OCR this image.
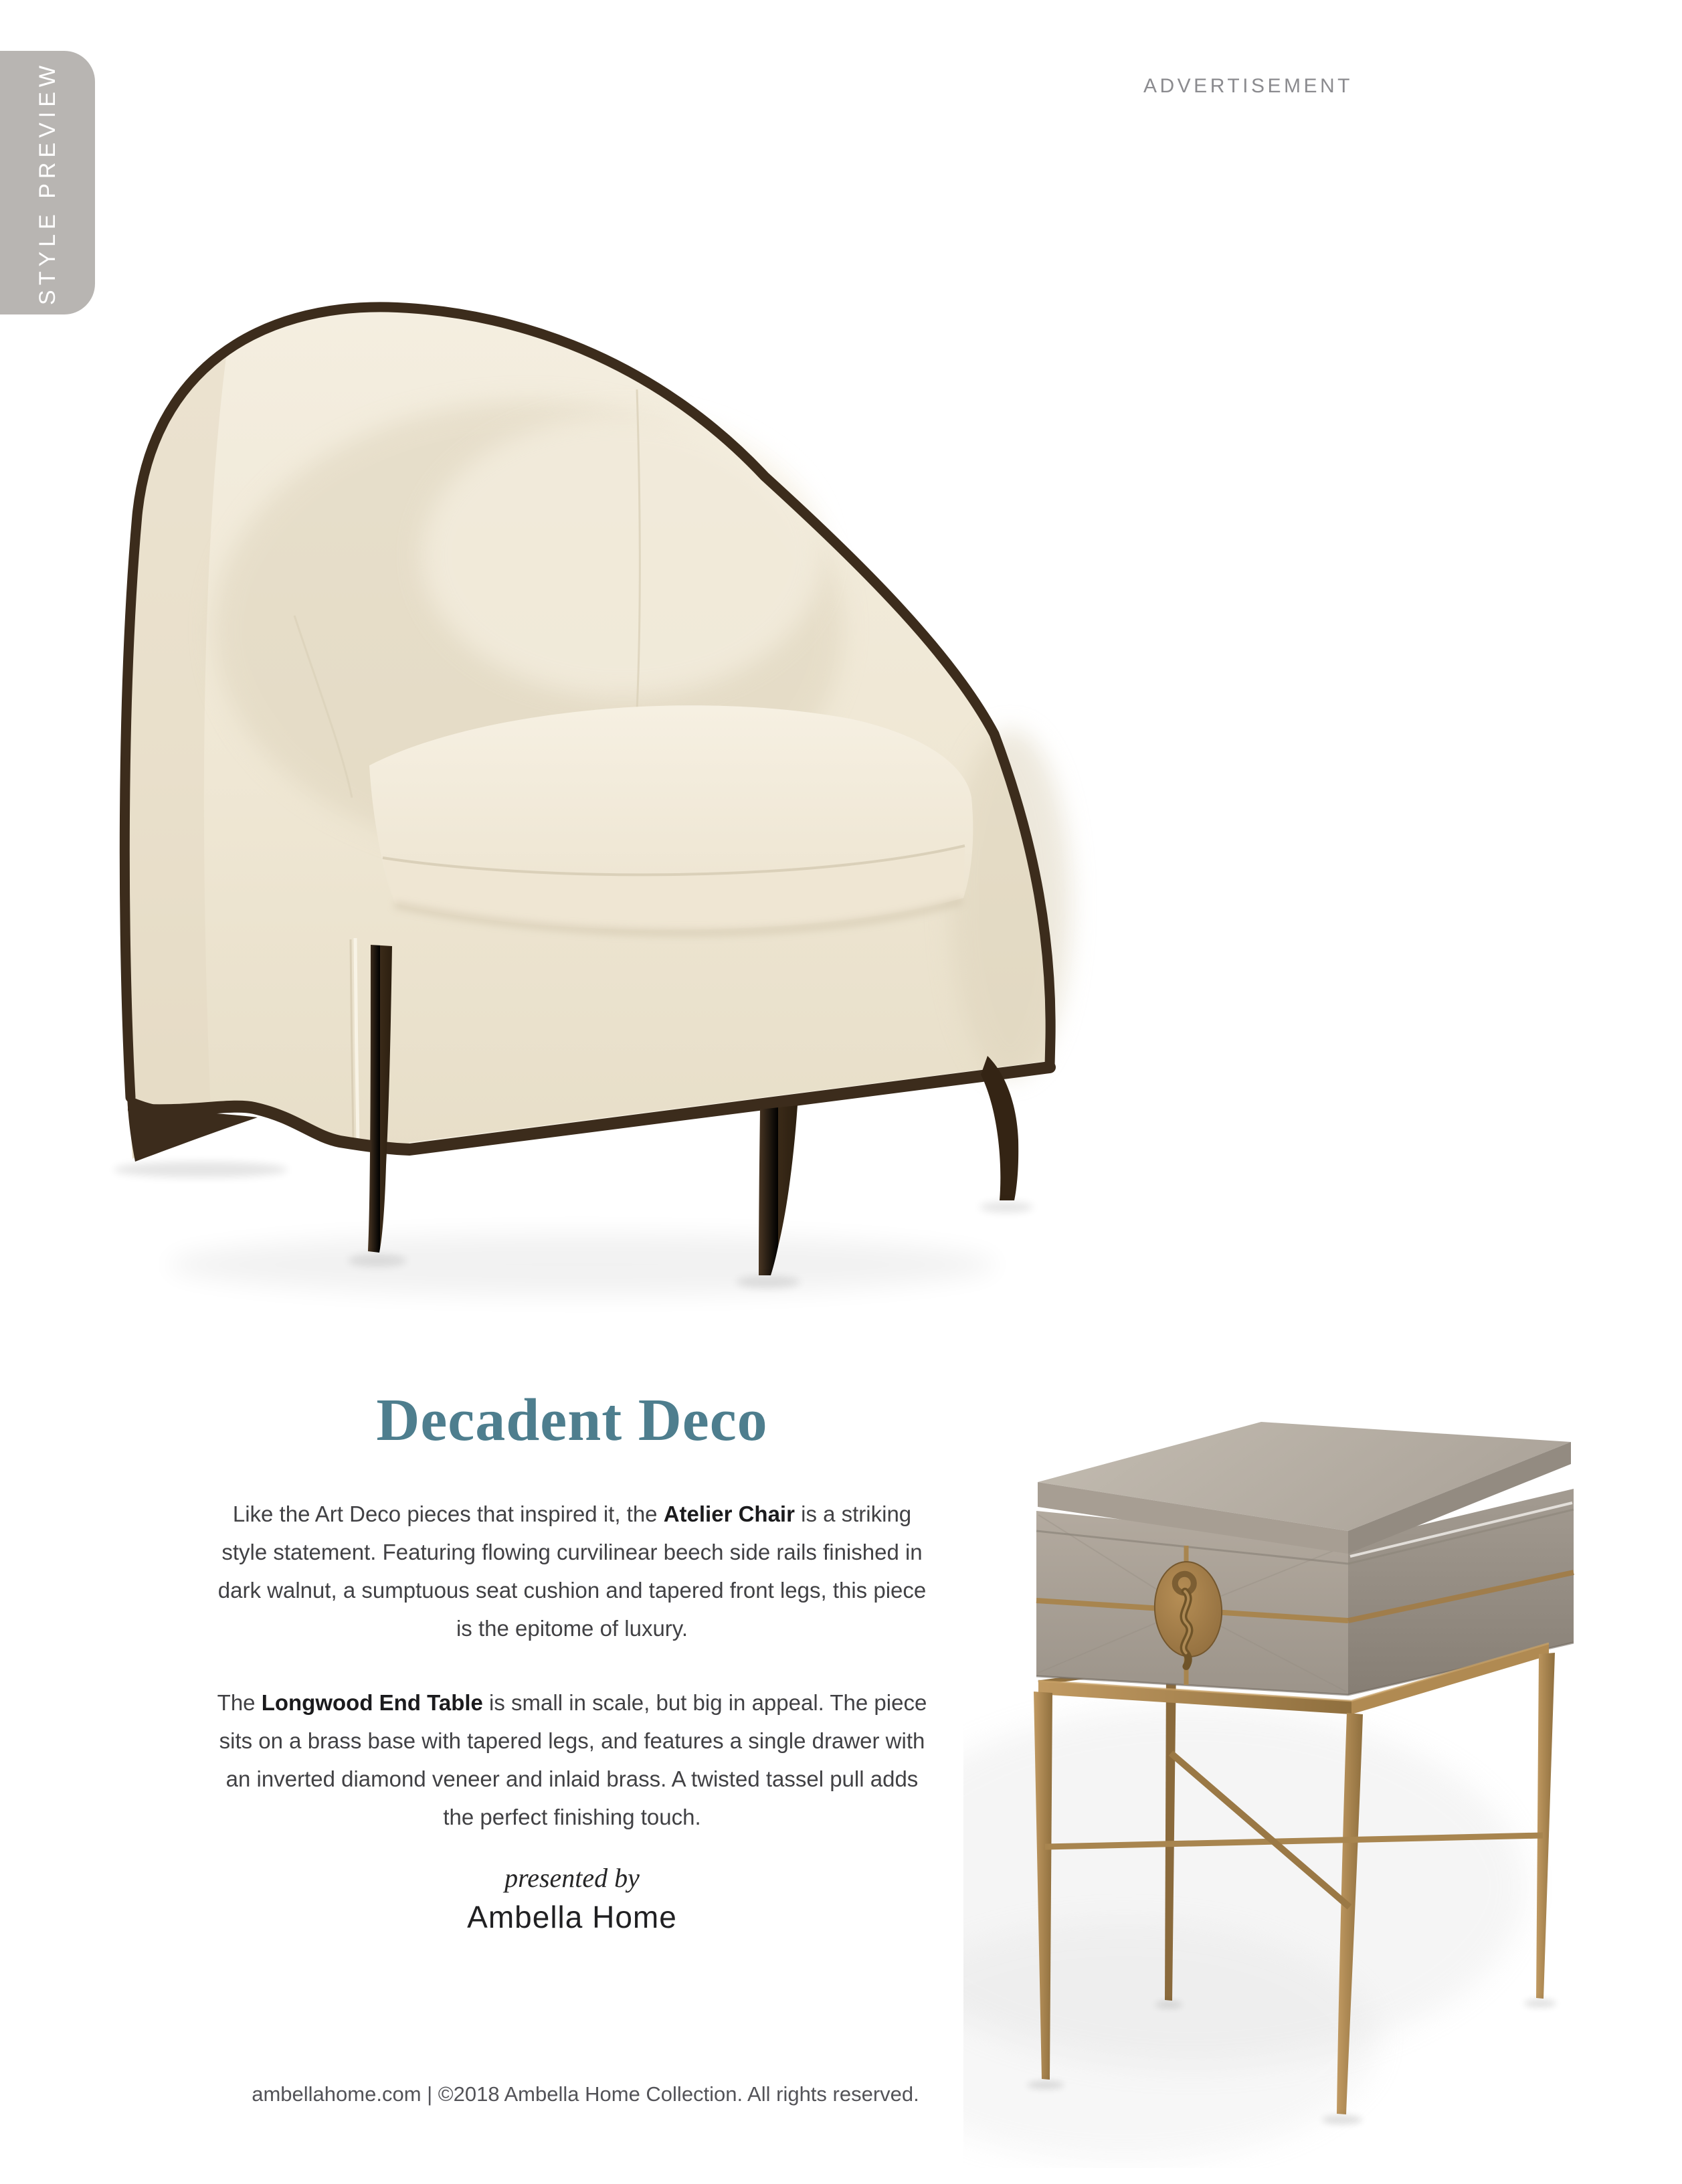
STYLE PREVIEW	ADVERTISEMENT
Decadent Deco

Like the Art Deco pieces that inspired it, the Atelier Chair is a striking style statement. Featuring flowing curvilinear beech side rails finished in dark walnut, a sumptuous seat cushion and tapered front legs, this piece is the epitome of luxury.

The Longwood End Table is small in scale, but big in appeal. The piece sits on a brass base with tapered legs, and features a single drawer with an inverted diamond veneer and inlaid brass. A twisted tassel pull adds the perfect finishing touch.

presented by
Ambella Home
ambellahome.com | ©2018 Ambella Home Collection. All rights reserved.
